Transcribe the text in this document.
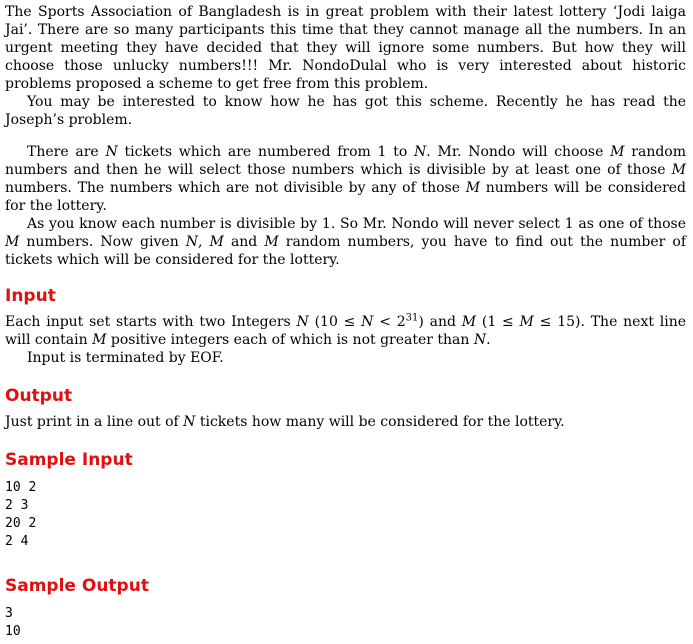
The Sports Association of Bangladesh is in great problem with their latest lottery ‘Jodi laiga Jai’. There are so many participants this time that they cannot manage all the numbers. In an urgent meeting they have decided that they will ignore some numbers. But how they will choose those unlucky numbers!!! Mr. NondoDulal who is very interested about historic problems proposed a scheme to get free from this problem.

You may be interested to know how he has got this scheme. Recently he has read the Joseph’s problem.

There are N tickets which are numbered from 1 to N. Mr. Nondo will choose M random numbers and then he will select those numbers which is divisible by at least one of those M numbers. The numbers which are not divisible by any of those M numbers will be considered for the lottery.

As you know each number is divisible by 1. So Mr. Nondo will never select 1 as one of those M numbers. Now given N, M and M random numbers, you have to find out the number of tickets which will be considered for the lottery.

Input

Each input set starts with two Integers N $(10 \le N < 2^{31})$ and M (1 ≤ M ≤ 15). The next line will contain M positive integers each of which is not greater than N.

Input is terminated by EOF.

Output

Just print in a line out of N tickets how many will be considered for the lottery.

Sample Input

10 2

2 3

20 2

2 4

Sample Output

3

10
